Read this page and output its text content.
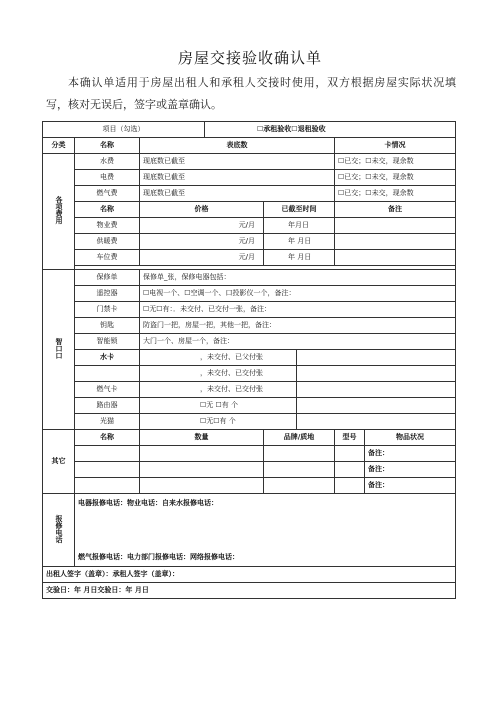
房屋交接验收确认单
本确认单适用于房屋出租人和承租人交接时使用，双方根据房屋实际状况填 写，核对无误后，签字或盖章确认。
项目（勾选）			☐承租验收☐退租验收				
分类	名称	表底数				卡情况	
各项费用	水费	现底数已截至				☐已交；☐未交，现余数	
	电费	现底数已截至				☐已交；☐未交，现余数	
	燃气费	现底数已截至				☐已交；☐未交，现余数	
	名称	价格		已截至时间		备注	
	物业费	元/月		年月日			
	供暖费	元/月		年 月日			
	车位费	元/月		年 月日			

智口口	保修单	保修单_张，保修电器包括：					
	遥控器	☐电视一个、☐空调一个、口投影仪一个，备注：					
	门禁卡	☐无☐有：．未交付、已交付一张，备注：					
	钥匙	防盗门一把，房屋一把，其他一把，备注：					
	智能锁	大门一个、房屋一个，备注：					
	水卡	，未交付、已父付张					
		，未交付、已交付张					
	燃气卡	，未交付、已交付张					
	路由器	☐无 ☐有 个					
	光猫	☐无☐有 个					
其它	名称	数量		品牌/质地		型号	物品状况
							备注：
							备注：
							备注：
报修电话	电器报修电话：物业电话：自来水报修电话：
燃气报修电话：电力部门报修电话：网络报修电话：						

出租人签字（盖章）：承租人签字（盖章）：							
交验日：年 月日交验日：年 月日							
